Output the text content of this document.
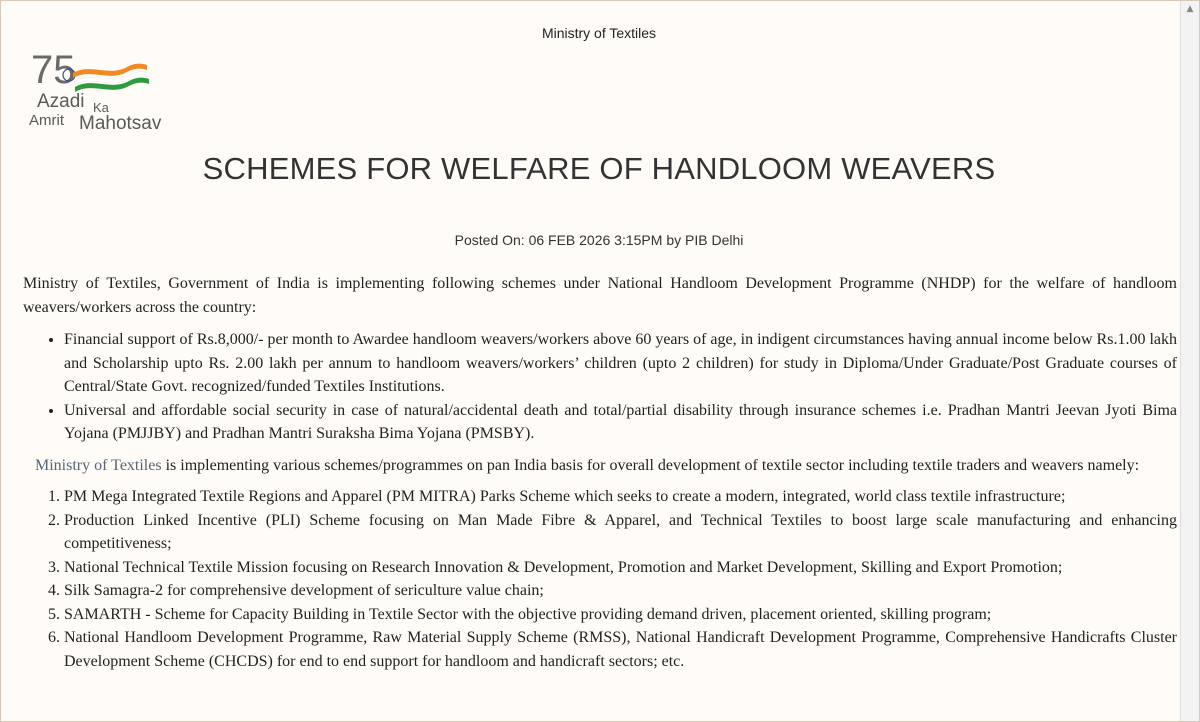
Ministry of Textiles
75
Azadi Ka
Amrit Mahotsav
SCHEMES FOR WELFARE OF HANDLOOM WEAVERS
Posted On: 06 FEB 2026 3:15PM by PIB Delhi

Ministry of Textiles, Government of India is implementing following schemes under National Handloom Development Programme (NHDP) for the welfare of handloom weavers/workers across the country:

• Financial support of Rs.8,000/- per month to Awardee handloom weavers/workers above 60 years of age, in indigent circumstances having annual income below Rs.1.00 lakh and Scholarship upto Rs. 2.00 lakh per annum to handloom weavers/workers’ children (upto 2 children) for study in Diploma/Under Graduate/Post Graduate courses of Central/State Govt. recognized/funded Textiles Institutions.
• Universal and affordable social security in case of natural/accidental death and total/partial disability through insurance schemes i.e. Pradhan Mantri Jeevan Jyoti Bima Yojana (PMJJBY) and Pradhan Mantri Suraksha Bima Yojana (PMSBY).

Ministry of Textiles is implementing various schemes/programmes on pan India basis for overall development of textile sector including textile traders and weavers namely:

1. PM Mega Integrated Textile Regions and Apparel (PM MITRA) Parks Scheme which seeks to create a modern, integrated, world class textile infrastructure;
2. Production Linked Incentive (PLI) Scheme focusing on Man Made Fibre & Apparel, and Technical Textiles to boost large scale manufacturing and enhancing competitiveness;
3. National Technical Textile Mission focusing on Research Innovation & Development, Promotion and Market Development, Skilling and Export Promotion;
4. Silk Samagra-2 for comprehensive development of sericulture value chain;
5. SAMARTH - Scheme for Capacity Building in Textile Sector with the objective providing demand driven, placement oriented, skilling program;
6. National Handloom Development Programme, Raw Material Supply Scheme (RMSS), National Handicraft Development Programme, Comprehensive Handicrafts Cluster Development Scheme (CHCDS) for end to end support for handloom and handicraft sectors; etc.
▲
